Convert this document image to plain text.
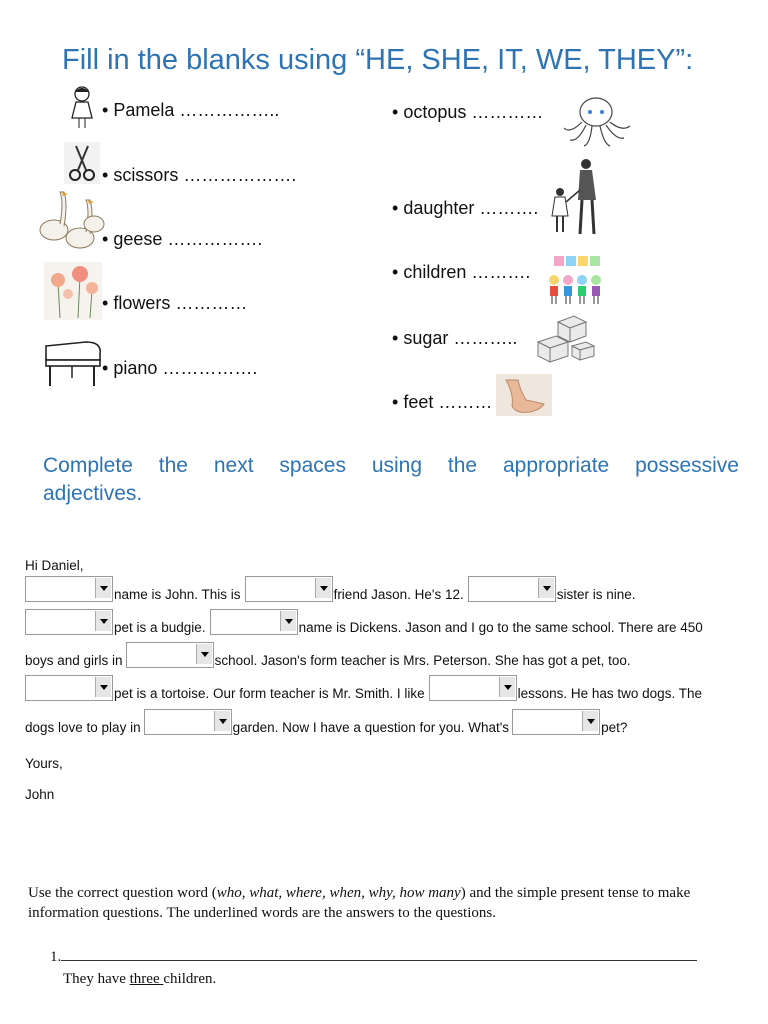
Fill in the blanks using “HE, SHE, IT, WE, THEY”:
• Pamela ……………..
• scissors ……………….
• geese …………….
• flowers …………
• piano …………….
• octopus …………
• daughter ……….
• children ……….
• sugar ………..
• feet ………
Complete the next spaces using the appropriate possessive
adjectives.
Hi Daniel,
name is John. This is	friend Jason. He's 12.	sister is nine.
pet is a budgie.	name is Dickens. Jason and I go to the same school. There are 450
boys and girls in	school. Jason's form teacher is Mrs. Peterson. She has got a pet, too.
pet is a tortoise. Our form teacher is Mr. Smith. I like	lessons. He has two dogs. The
dogs love to play in	garden. Now I have a question for you. What's	pet?
Yours,
John
Use the correct question word (who, what, where, when, why, how many) and the simple present tense to make
information questions. The underlined words are the answers to the questions.
1.
They have three children.
